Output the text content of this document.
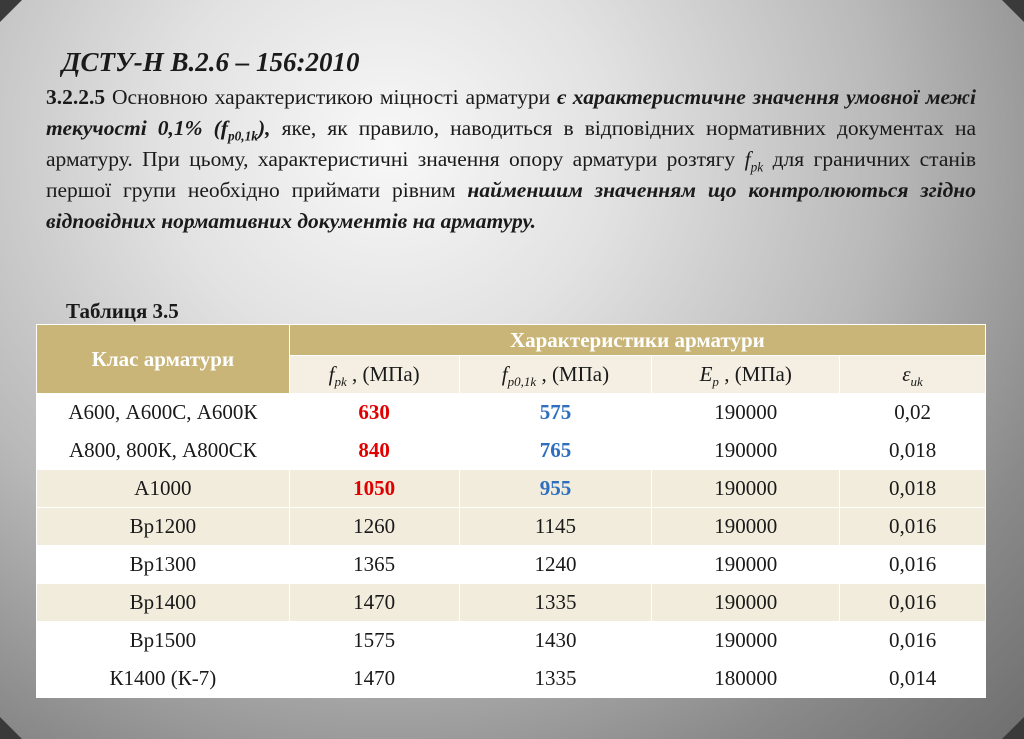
ДСТУ-Н В.2.6 – 156:2010

3.2.2.5 Основною характеристикою міцності арматури є характеристичне значення умовної межі текучості 0,1% $(f_{p0,1k})$, яке, як правило, наводиться в відповідних нормативних документах на арматуру. При цьому, характеристичні значення опору арматури розтягу $f_{pk}$ для граничних станів першої групи необхідно приймати рівним найменшим значенням що контролюються згідно відповідних нормативних документів на арматуру.

Таблиця 3.5

Клас арматури	Характеристики арматури			
	$f_{pk}$ , (МПа)	$f_{p0,1k}$ , (МПа)	$E_p$ , (МПа)	$\varepsilon_{uk}$
А600, А600С, А600К	630	575	190000	0,02
А800, 800К, А800СК	840	765	190000	0,018
А1000	1050	955	190000	0,018
Вр1200	1260	1145	190000	0,016
Вр1300	1365	1240	190000	0,016
Вр1400	1470	1335	190000	0,016
Вр1500	1575	1430	190000	0,016
К1400 (К-7)	1470	1335	180000	0,014
